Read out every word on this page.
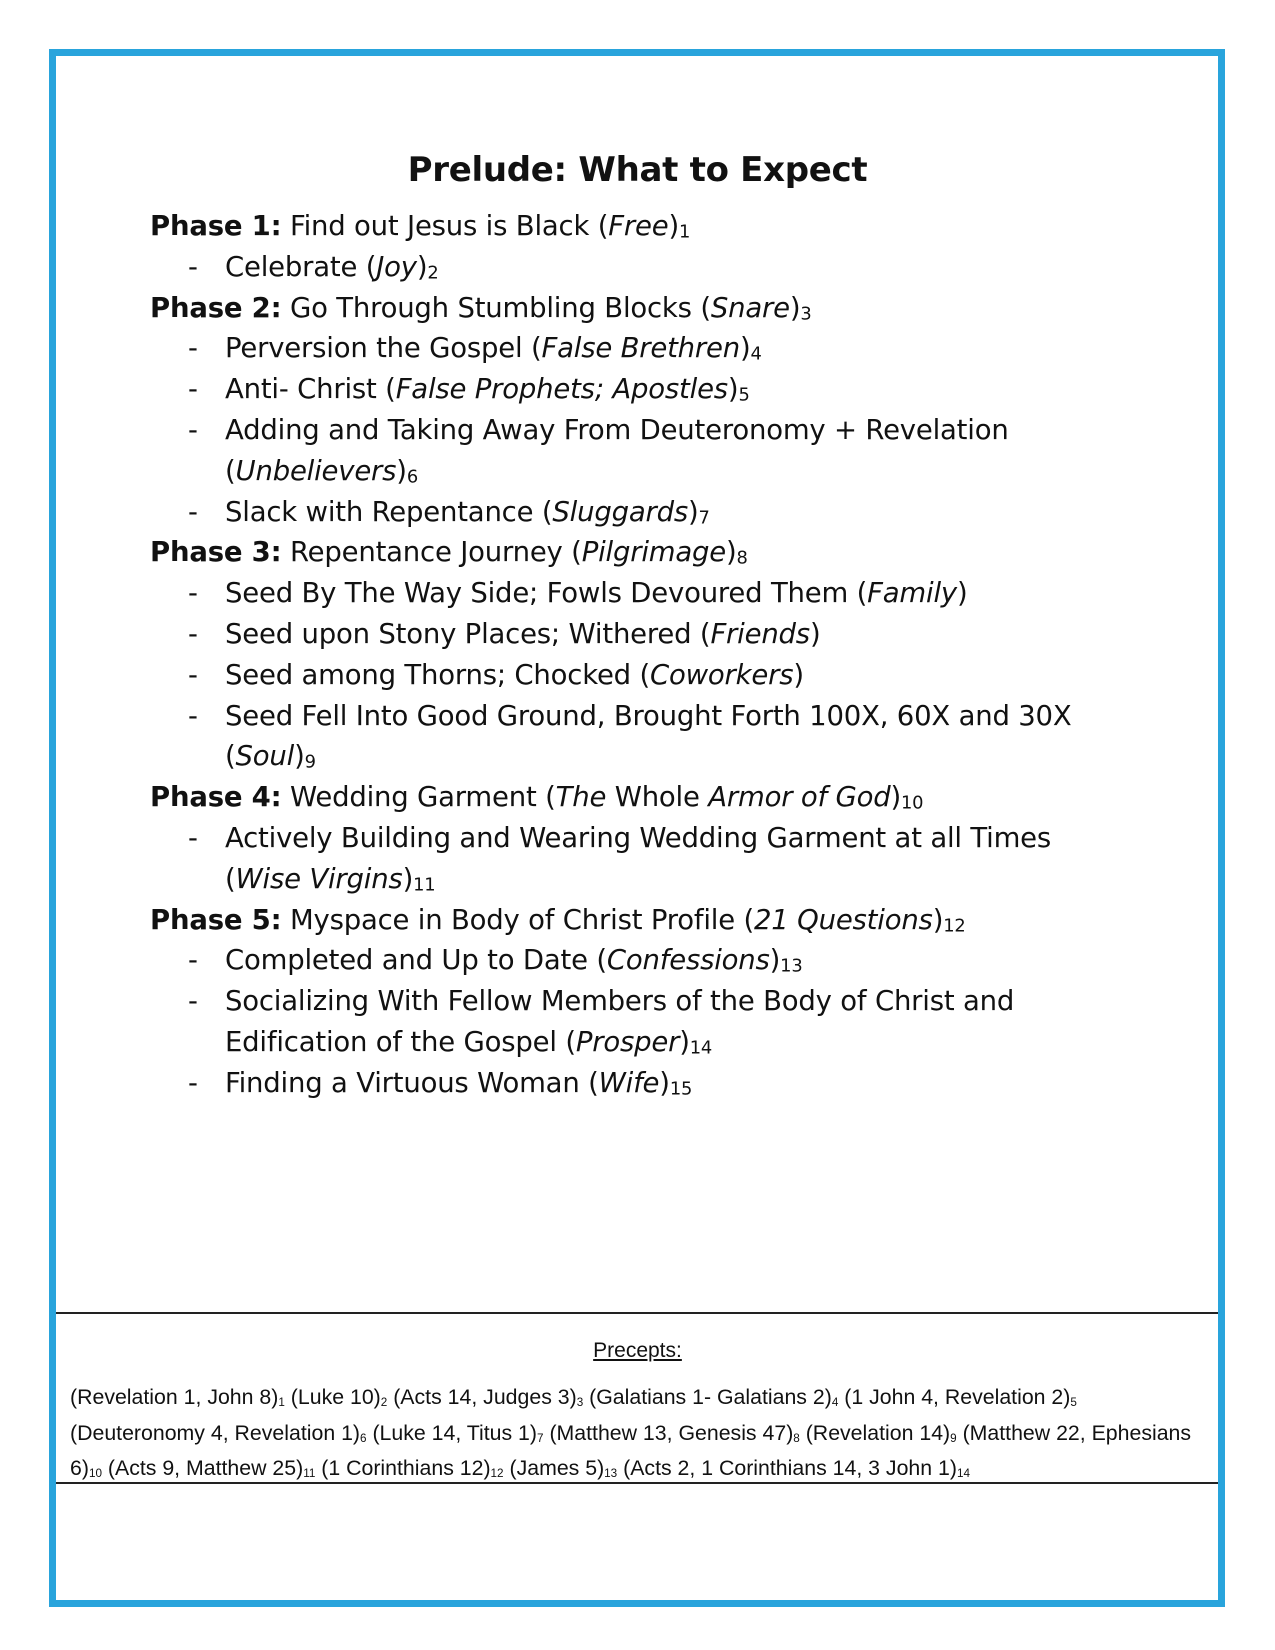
Prelude: What to Expect
Phase 1: Find out Jesus is Black $(Free)_1$
- Celebrate $(Joy)_2$
Phase 2: Go Through Stumbling Blocks $(Snare)_3$
- Perversion the Gospel (False $Brethren)_4$
- Anti- Christ (False Prophets; $Apostles)_5$
- Adding and Taking Away From Deuteronomy + Revelation
$(Unbelievers)_6$
- Slack with Repentance $(Sluggards)_7$
Phase 3: Repentance Journey $(Pilgrimage)_8$
- Seed By The Way Side; Fowls Devoured Them (Family)
- Seed upon Stony Places; Withered (Friends)
- Seed among Thorns; Chocked (Coworkers)
- Seed Fell Into Good Ground, Brought Forth 100X, 60X and 30X
$(Soul)_9$
Phase 4: Wedding Garment (The Whole Armor of $God)_{10}$
- Actively Building and Wearing Wedding Garment at all Times
(Wise $Virgins)_{11}$
Phase 5: Myspace in Body of Christ Profile (21 $Questions)_{12}$
- Completed and Up to Date $(Confessions)_{13}$
- Socializing With Fellow Members of the Body of Christ and
Edification of the Gospel $(Prosper)_{14}$
- Finding a Virtuous Woman $(Wife)_{15}$
Precepts:
(Revelation 1, John $8)_1$ (Luke $10)_2$ (Acts 14, Judges $3)_3$ (Galatians 1- Galatians $2)_4$ (1 John 4, Revelation $2)_5$ (Deuteronomy 4, Revelation $1)_6$ (Luke 14, Titus $1)_7$ (Matthew 13, Genesis $47)_8$ (Revelation $14)_9$ (Matthew 22, Ephesians $6)_{10}$ (Acts 9, Matthew $25)_{11}$ (1 Corinthians $12)_{12}$ (James $5)_{13}$ (Acts 2, 1 Corinthians 14, 3 John $1)_{14}$
